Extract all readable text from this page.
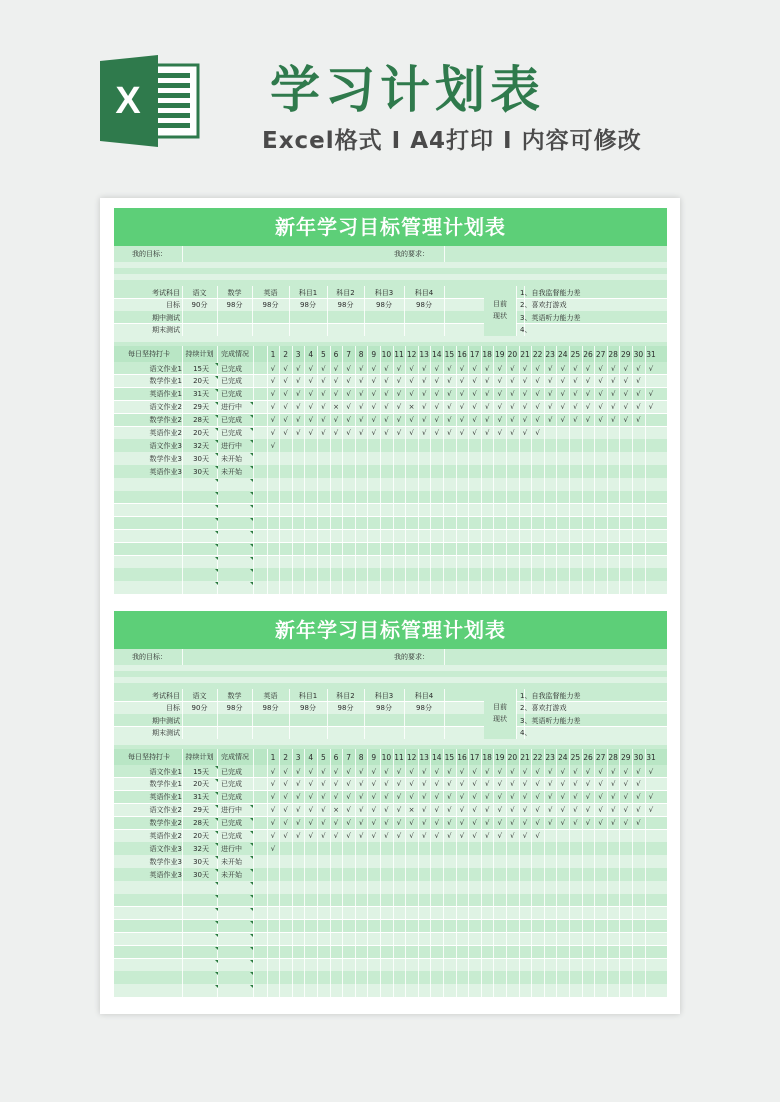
X	学习计划表
Excel格式 I A4打印 I 内容可修改
新年学习目标管理计划表
我的目标：	我的要求：
考试科目	语文	数学	英语	科目1	科目2	科目3	科目4
目标	90分	98分	98分	98分	98分	98分	98分
期中测试
期末测试
目前
现状
1、自我监督能力差
2、喜欢打游戏
3、英语听力能力差
4、
每日坚持打卡	持续计划	完成情况	1	2	3	4	5	6	7	8	9 10 11 12 13 14 15 16 17 18 19 20 21 22 23 24 25 26 27 28 29 30 31
语文作业1	15天 已完成	√	√	√	√	√	√	√	√	√	√	√	√	√	√	√	√	√	√	√	√	√	√	√	√	√	√	√	√	√	√	√
数学作业1	20天 已完成	√	√	√	√	√	√	√	√	√	√	√	√	√	√	√	√	√	√	√	√	√	√	√	√	√	√	√	√	√	√
英语作业1	31天 已完成	√	√	√	√	√	√	√	√	√	√	√	√	√	√	√	√	√	√	√	√	√	√	√	√	√	√	√	√	√	√	√
语文作业2	29天 进行中	√	√	√	√	√	×	√	√	√	√	√	×	√	√	√	√	√	√	√	√	√	√	√	√	√	√	√	√	√	√	√
数学作业2	28天 已完成	√	√	√	√	√	√	√	√	√	√	√	√	√	√	√	√	√	√	√	√	√	√	√	√	√	√	√	√	√	√
英语作业2	20天 已完成	√	√	√	√	√	√	√	√	√	√	√	√	√	√	√	√	√	√	√	√	√	√
语文作业3	32天 进行中	√
数学作业3	30天 未开始
英语作业3	30天 未开始
新年学习目标管理计划表
我的目标：	我的要求：
考试科目	语文	数学	英语	科目1	科目2	科目3	科目4
目标	90分	98分	98分	98分	98分	98分	98分
期中测试
期末测试
目前
现状
1、自我监督能力差
2、喜欢打游戏
3、英语听力能力差
4、
每日坚持打卡	持续计划	完成情况	1	2	3	4	5	6	7	8	9 10 11 12 13 14 15 16 17 18 19 20 21 22 23 24 25 26 27 28 29 30 31
语文作业1	15天 已完成	√	√	√	√	√	√	√	√	√	√	√	√	√	√	√	√	√	√	√	√	√	√	√	√	√	√	√	√	√	√	√
数学作业1	20天 已完成	√	√	√	√	√	√	√	√	√	√	√	√	√	√	√	√	√	√	√	√	√	√	√	√	√	√	√	√	√	√
英语作业1	31天 已完成	√	√	√	√	√	√	√	√	√	√	√	√	√	√	√	√	√	√	√	√	√	√	√	√	√	√	√	√	√	√	√
语文作业2	29天 进行中	√	√	√	√	√	×	√	√	√	√	√	×	√	√	√	√	√	√	√	√	√	√	√	√	√	√	√	√	√	√	√
数学作业2	28天 已完成	√	√	√	√	√	√	√	√	√	√	√	√	√	√	√	√	√	√	√	√	√	√	√	√	√	√	√	√	√	√
英语作业2	20天 已完成	√	√	√	√	√	√	√	√	√	√	√	√	√	√	√	√	√	√	√	√	√	√
语文作业3	32天 进行中	√
数学作业3	30天 未开始
英语作业3	30天 未开始
